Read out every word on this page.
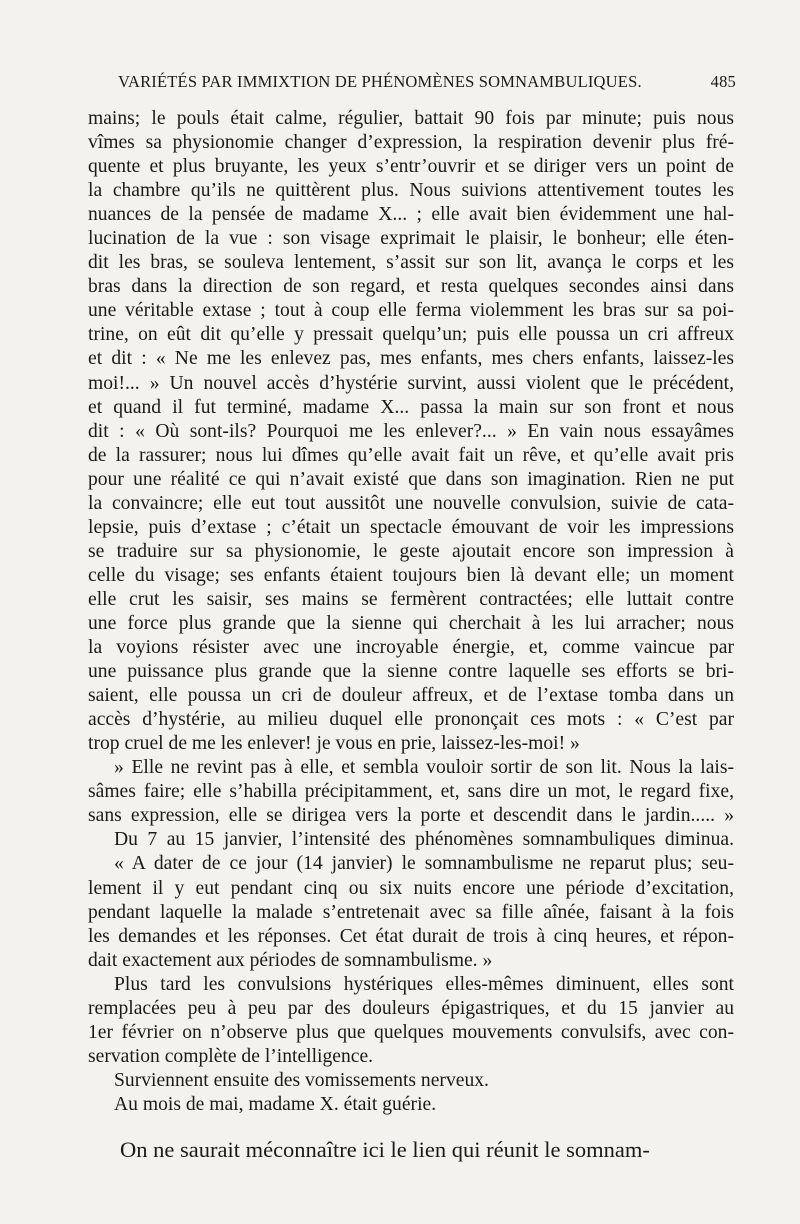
VARIÉTÉS PAR IMMIXTION DE PHÉNOMÈNES SOMNAMBULIQUES.	485
mains; le pouls était calme, régulier, battait 90 fois par minute; puis nous
vîmes sa physionomie changer d’expression, la respiration devenir plus fré-
quente et plus bruyante, les yeux s’entr’ouvrir et se diriger vers un point de
la chambre qu’ils ne quittèrent plus. Nous suivions attentivement toutes les
nuances de la pensée de madame X... ; elle avait bien évidemment une hal-
lucination de la vue : son visage exprimait le plaisir, le bonheur; elle éten-
dit les bras, se souleva lentement, s’assit sur son lit, avança le corps et les
bras dans la direction de son regard, et resta quelques secondes ainsi dans
une véritable extase ; tout à coup elle ferma violemment les bras sur sa poi-
trine, on eût dit qu’elle y pressait quelqu’un; puis elle poussa un cri affreux
et dit : « Ne me les enlevez pas, mes enfants, mes chers enfants, laissez-les
moi!... » Un nouvel accès d’hystérie survint, aussi violent que le précédent,
et quand il fut terminé, madame X... passa la main sur son front et nous
dit : « Où sont-ils? Pourquoi me les enlever?... » En vain nous essayâmes
de la rassurer; nous lui dîmes qu’elle avait fait un rêve, et qu’elle avait pris
pour une réalité ce qui n’avait existé que dans son imagination. Rien ne put
la convaincre; elle eut tout aussitôt une nouvelle convulsion, suivie de cata-
lepsie, puis d’extase ; c’était un spectacle émouvant de voir les impressions
se traduire sur sa physionomie, le geste ajoutait encore son impression à
celle du visage; ses enfants étaient toujours bien là devant elle; un moment
elle crut les saisir, ses mains se fermèrent contractées; elle luttait contre
une force plus grande que la sienne qui cherchait à les lui arracher; nous
la voyions résister avec une incroyable énergie, et, comme vaincue par
une puissance plus grande que la sienne contre laquelle ses efforts se bri-
saient, elle poussa un cri de douleur affreux, et de l’extase tomba dans un
accès d’hystérie, au milieu duquel elle prononçait ces mots : « C’est par
trop cruel de me les enlever! je vous en prie, laissez-les-moi! »
» Elle ne revint pas à elle, et sembla vouloir sortir de son lit. Nous la lais-
sâmes faire; elle s’habilla précipitamment, et, sans dire un mot, le regard fixe,
sans expression, elle se dirigea vers la porte et descendit dans le jardin..... »
Du 7 au 15 janvier, l’intensité des phénomènes somnambuliques diminua.
« A dater de ce jour (14 janvier) le somnambulisme ne reparut plus; seu-
lement il y eut pendant cinq ou six nuits encore une période d’excitation,
pendant laquelle la malade s’entretenait avec sa fille aînée, faisant à la fois
les demandes et les réponses. Cet état durait de trois à cinq heures, et répon-
dait exactement aux périodes de somnambulisme. »
Plus tard les convulsions hystériques elles-mêmes diminuent, elles sont
remplacées peu à peu par des douleurs épigastriques, et du 15 janvier au
1er février on n’observe plus que quelques mouvements convulsifs, avec con-
servation complète de l’intelligence.
Surviennent ensuite des vomissements nerveux.
Au mois de mai, madame X. était guérie.
On ne saurait méconnaître ici le lien qui réunit le somnam-
